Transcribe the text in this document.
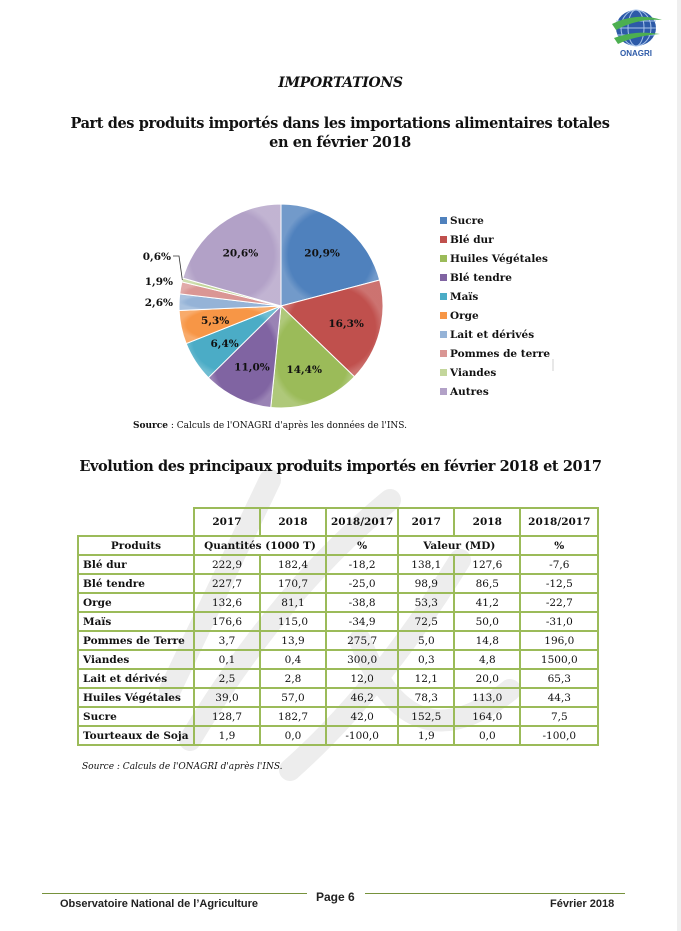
ONAGRI
IMPORTATIONS
Part des produits importés dans les importations alimentaires totales en en février 2018
20,9%
16,3%
14,4%
11,0%
6,4%
5,3%
2,6%
1,9%
0,6%	20,6%
Sucre
Blé dur
Huiles Végétales
Blé tendre
Maïs
Orge
Lait et dérivés
Pommes de terre
Viandes
Autres
Source : Calculs de l'ONAGRI d'après les données de l'INS.
Evolution des principaux produits importés en février 2018 et 2017
	2017	2018	2018/2017	2017	2018	2018/2017
Produits	Quantités (1000 T)		%	Valeur (MD)		%
Blé dur	222,9	182,4	-18,2	138,1	127,6	-7,6
Blé tendre	227,7	170,7	-25,0	98,9	86,5	-12,5
Orge	132,6	81,1	-38,8	53,3	41,2	-22,7
Maïs	176,6	115,0	-34,9	72,5	50,0	-31,0
Pommes de Terre	3,7	13,9	275,7	5,0	14,8	196,0
Viandes	0,1	0,4	300,0	0,3	4,8	1500,0
Lait et dérivés	2,5	2,8	12,0	12,1	20,0	65,3
Huiles Végétales	39,0	57,0	46,2	78,3	113,0	44,3
Sucre	128,7	182,7	42,0	152,5	164,0	7,5
Tourteaux de Soja	1,9	0,0	-100,0	1,9	0,0	-100,0
Source : Calculs de l'ONAGRI d'après l'INS.
Observatoire National de l’Agriculture	Page 6	Février 2018
